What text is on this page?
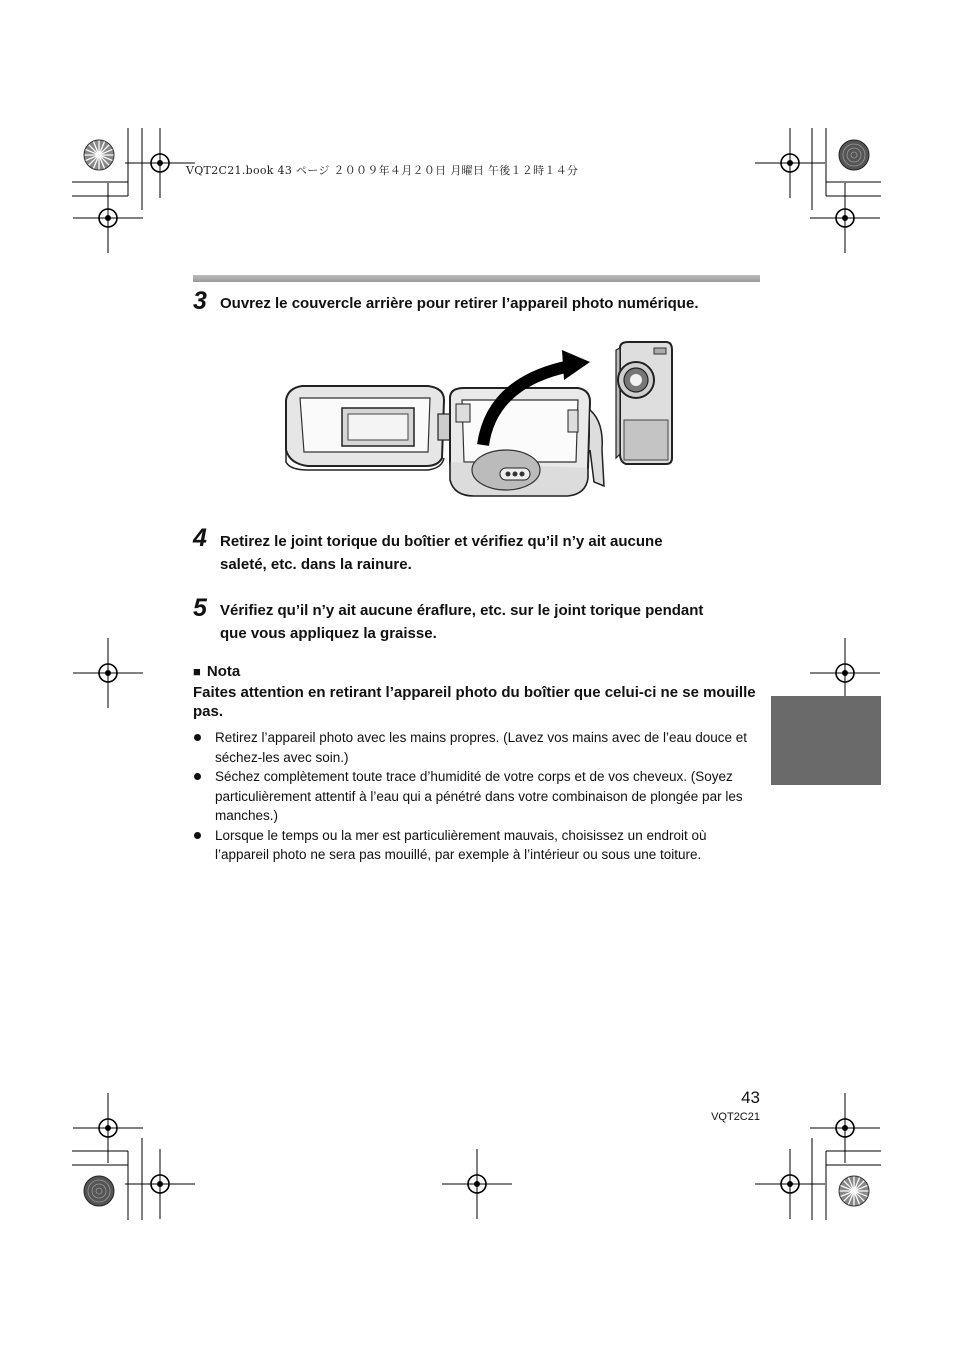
VQT2C21.book 43 ページ ２００９年４月２０日 月曜日 午後１２時１４分
3 Ouvrez le couvercle arrière pour retirer l’appareil photo numérique.
4 Retirez le joint torique du boîtier et vérifiez qu’il n’y ait aucune
saleté, etc. dans la rainure.
5 Vérifiez qu’il n’y ait aucune éraflure, etc. sur le joint torique pendant
que vous appliquez la graisse.
■ Nota
Faites attention en retirant l’appareil photo du boîtier que celui-ci ne se mouille pas.
Retirez l’appareil photo avec les mains propres. (Lavez vos mains avec de l’eau douce et séchez-les avec soin.)
Séchez complètement toute trace d’humidité de votre corps et de vos cheveux. (Soyez particulièrement attentif à l’eau qui a pénétré dans votre combinaison de plongée par les manches.)
Lorsque le temps ou la mer est particulièrement mauvais, choisissez un endroit où l’appareil photo ne sera pas mouillé, par exemple à l’intérieur ou sous une toiture.
43
VQT2C21
